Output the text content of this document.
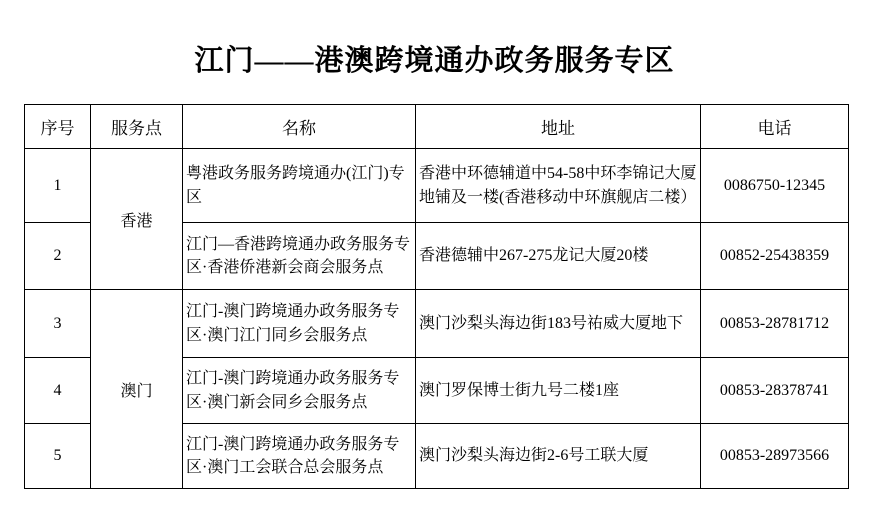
江门——港澳跨境通办政务服务专区
序号	服务点	名称	地址	电话
1	香港	粤港政务服务跨境通办(江门)专区	香港中环德辅道中54-58中环李锦记大厦地铺及一楼(香港移动中环旗舰店二楼）	0086750-12345
2		江门—香港跨境通办政务服务专区·香港侨港新会商会服务点	香港德辅中267-275龙记大厦20楼	00852-25438359
3	澳门	江门-澳门跨境通办政务服务专区·澳门江门同乡会服务点	澳门沙梨头海边街183号祐威大厦地下	00853-28781712
4		江门-澳门跨境通办政务服务专区·澳门新会同乡会服务点	澳门罗保博士街九号二楼1座	00853-28378741
5		江门-澳门跨境通办政务服务专区·澳门工会联合总会服务点	澳门沙梨头海边街2-6号工联大厦	00853-28973566
